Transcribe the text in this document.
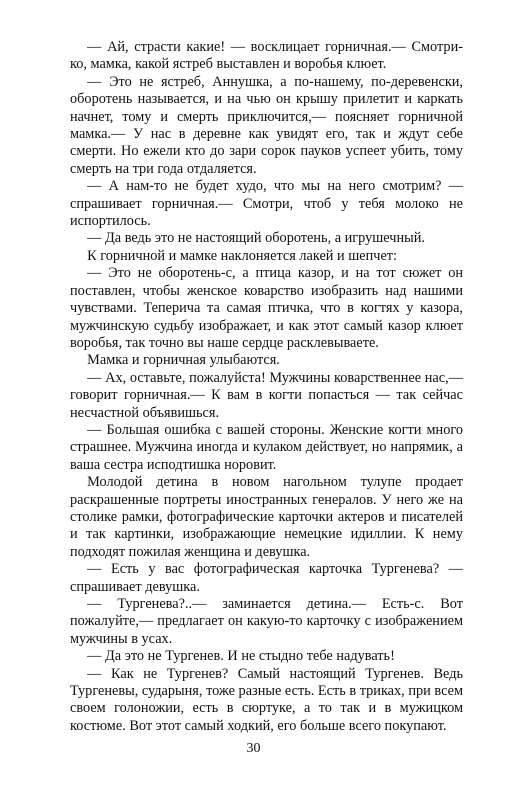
— Ай, страсти какие! — восклицает горничная.— Смотри-ко, мамка, какой ястреб выставлен и воробья клюет.

— Это не ястреб, Аннушка, а по-нашему, по-деревенски, оборотень называется, и на чью он крышу прилетит и каркать начнет, тому и смерть приключится,— поясняет горничной мамка.— У нас в деревне как увидят его, так и ждут себе смерти. Но ежели кто до зари сорок пауков успеет убить, тому смерть на три года отдаляется.

— А нам-то не будет худо, что мы на него смотрим? — спрашивает горничная.— Смотри, чтоб у тебя молоко не испортилось.

— Да ведь это не настоящий оборотень, а игрушечный.

К горничной и мамке наклоняется лакей и шепчет:

— Это не оборотень-с, а птица казор, и на тот сюжет он поставлен, чтобы женское коварство изобразить над нашими чувствами. Теперича та самая птичка, что в когтях у казора, мужчинскую судьбу изображает, и как этот самый казор клюет воробья, так точно вы наше сердце расклевываете.

Мамка и горничная улыбаются.

— Ах, оставьте, пожалуйста! Мужчины коварственнее нас,— говорит горничная.— К вам в когти попасться — так сейчас несчастной объявишься.

— Большая ошибка с вашей стороны. Женские когти много страшнее. Мужчина иногда и кулаком действует, но напрямик, а ваша сестра исподтишка норовит.

Молодой детина в новом нагольном тулупе продает раскрашенные портреты иностранных генералов. У него же на столике рамки, фотографические карточки актеров и писателей и так картинки, изображающие немецкие идиллии. К нему подходят пожилая женщина и девушка.

— Есть у вас фотографическая карточка Тургенева? — спрашивает девушка.

— Тургенева?..— заминается детина.— Есть-с. Вот пожалуйте,— предлагает он какую-то карточку с изображением мужчины в усах.

— Да это не Тургенев. И не стыдно тебе надувать!

— Как не Тургенев? Самый настоящий Тургенев. Ведь Тургеневы, сударыня, тоже разные есть. Есть в триках, при всем своем голоножии, есть в сюртуке, а то так и в мужицком костюме. Вот этот самый ходкий, его больше всего покупают.

30
